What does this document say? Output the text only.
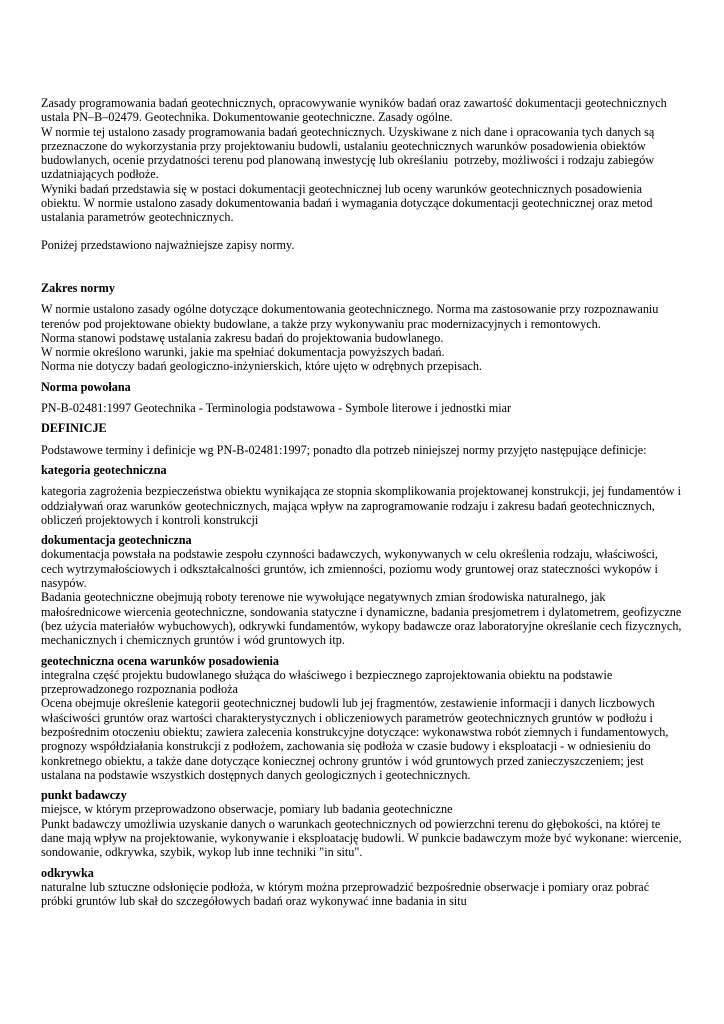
Zasady programowania badań geotechnicznych, opracowywanie wyników badań oraz zawartość dokumentacji geotechnicznych
ustala PN–B–02479. Geotechnika. Dokumentowanie geotechniczne. Zasady ogólne.
W normie tej ustalono zasady programowania badań geotechnicznych. Uzyskiwane z nich dane i opracowania tych danych są
przeznaczone do wykorzystania przy projektowaniu budowli, ustalaniu geotechnicznych warunków posadowienia obiektów
budowlanych, ocenie przydatności terenu pod planowaną inwestycję lub określaniu  potrzeby, możliwości i rodzaju zabiegów
uzdatniających podłoże.
Wyniki badań przedstawia się w postaci dokumentacji geotechnicznej lub oceny warunków geotechnicznych posadowienia
obiektu. W normie ustalono zasady dokumentowania badań i wymagania dotyczące dokumentacji geotechnicznej oraz metod
ustalania parametrów geotechnicznych.
Poniżej przedstawiono najważniejsze zapisy normy.
Zakres normy
W normie ustalono zasady ogólne dotyczące dokumentowania geotechnicznego. Norma ma zastosowanie przy rozpoznawaniu
terenów pod projektowane obiekty budowlane, a także przy wykonywaniu prac modernizacyjnych i remontowych.
Norma stanowi podstawę ustalania zakresu badań do projektowania budowlanego.
W normie określono warunki, jakie ma spełniać dokumentacja powyższych badań.
Norma nie dotyczy badań geologiczno-inżynierskich, które ujęto w odrębnych przepisach.
Norma powołana
PN-B-02481:1997 Geotechnika - Terminologia podstawowa - Symbole literowe i jednostki miar
DEFINICJE
Podstawowe terminy i definicje wg PN-B-02481:1997; ponadto dla potrzeb niniejszej normy przyjęto następujące definicje:
kategoria geotechniczna
kategoria zagrożenia bezpieczeństwa obiektu wynikająca ze stopnia skomplikowania projektowanej konstrukcji, jej fundamentów i
oddziaływań oraz warunków geotechnicznych, mająca wpływ na zaprogramowanie rodzaju i zakresu badań geotechnicznych,
obliczeń projektowych i kontroli konstrukcji
dokumentacja geotechniczna
dokumentacja powstała na podstawie zespołu czynności badawczych, wykonywanych w celu określenia rodzaju, właściwości,
cech wytrzymałościowych i odkształcalności gruntów, ich zmienności, poziomu wody gruntowej oraz stateczności wykopów i
nasypów.
Badania geotechniczne obejmują roboty terenowe nie wywołujące negatywnych zmian środowiska naturalnego, jak
małośrednicowe wiercenia geotechniczne, sondowania statyczne i dynamiczne, badania presjometrem i dylatometrem, geofizyczne
(bez użycia materiałów wybuchowych), odkrywki fundamentów, wykopy badawcze oraz laboratoryjne określanie cech fizycznych,
mechanicznych i chemicznych gruntów i wód gruntowych itp.
geotechniczna ocena warunków posadowienia
integralna część projektu budowlanego służąca do właściwego i bezpiecznego zaprojektowania obiektu na podstawie
przeprowadzonego rozpoznania podłoża
Ocena obejmuje określenie kategorii geotechnicznej budowli lub jej fragmentów, zestawienie informacji i danych liczbowych
właściwości gruntów oraz wartości charakterystycznych i obliczeniowych parametrów geotechnicznych gruntów w podłożu i
bezpośrednim otoczeniu obiektu; zawiera zalecenia konstrukcyjne dotyczące: wykonawstwa robót ziemnych i fundamentowych,
prognozy współdziałania konstrukcji z podłożem, zachowania się podłoża w czasie budowy i eksploatacji - w odniesieniu do
konkretnego obiektu, a także dane dotyczące koniecznej ochrony gruntów i wód gruntowych przed zanieczyszczeniem; jest
ustalana na podstawie wszystkich dostępnych danych geologicznych i geotechnicznych.
punkt badawczy
miejsce, w którym przeprowadzono obserwacje, pomiary lub badania geotechniczne
Punkt badawczy umożliwia uzyskanie danych o warunkach geotechnicznych od powierzchni terenu do głębokości, na której te
dane mają wpływ na projektowanie, wykonywanie i eksploatację budowli. W punkcie badawczym może być wykonane: wiercenie,
sondowanie, odkrywka, szybik, wykop lub inne techniki "in situ".
odkrywka
naturalne lub sztuczne odsłonięcie podłoża, w którym można przeprowadzić bezpośrednie obserwacje i pomiary oraz pobrać
próbki gruntów lub skał do szczegółowych badań oraz wykonywać inne badania in situ
